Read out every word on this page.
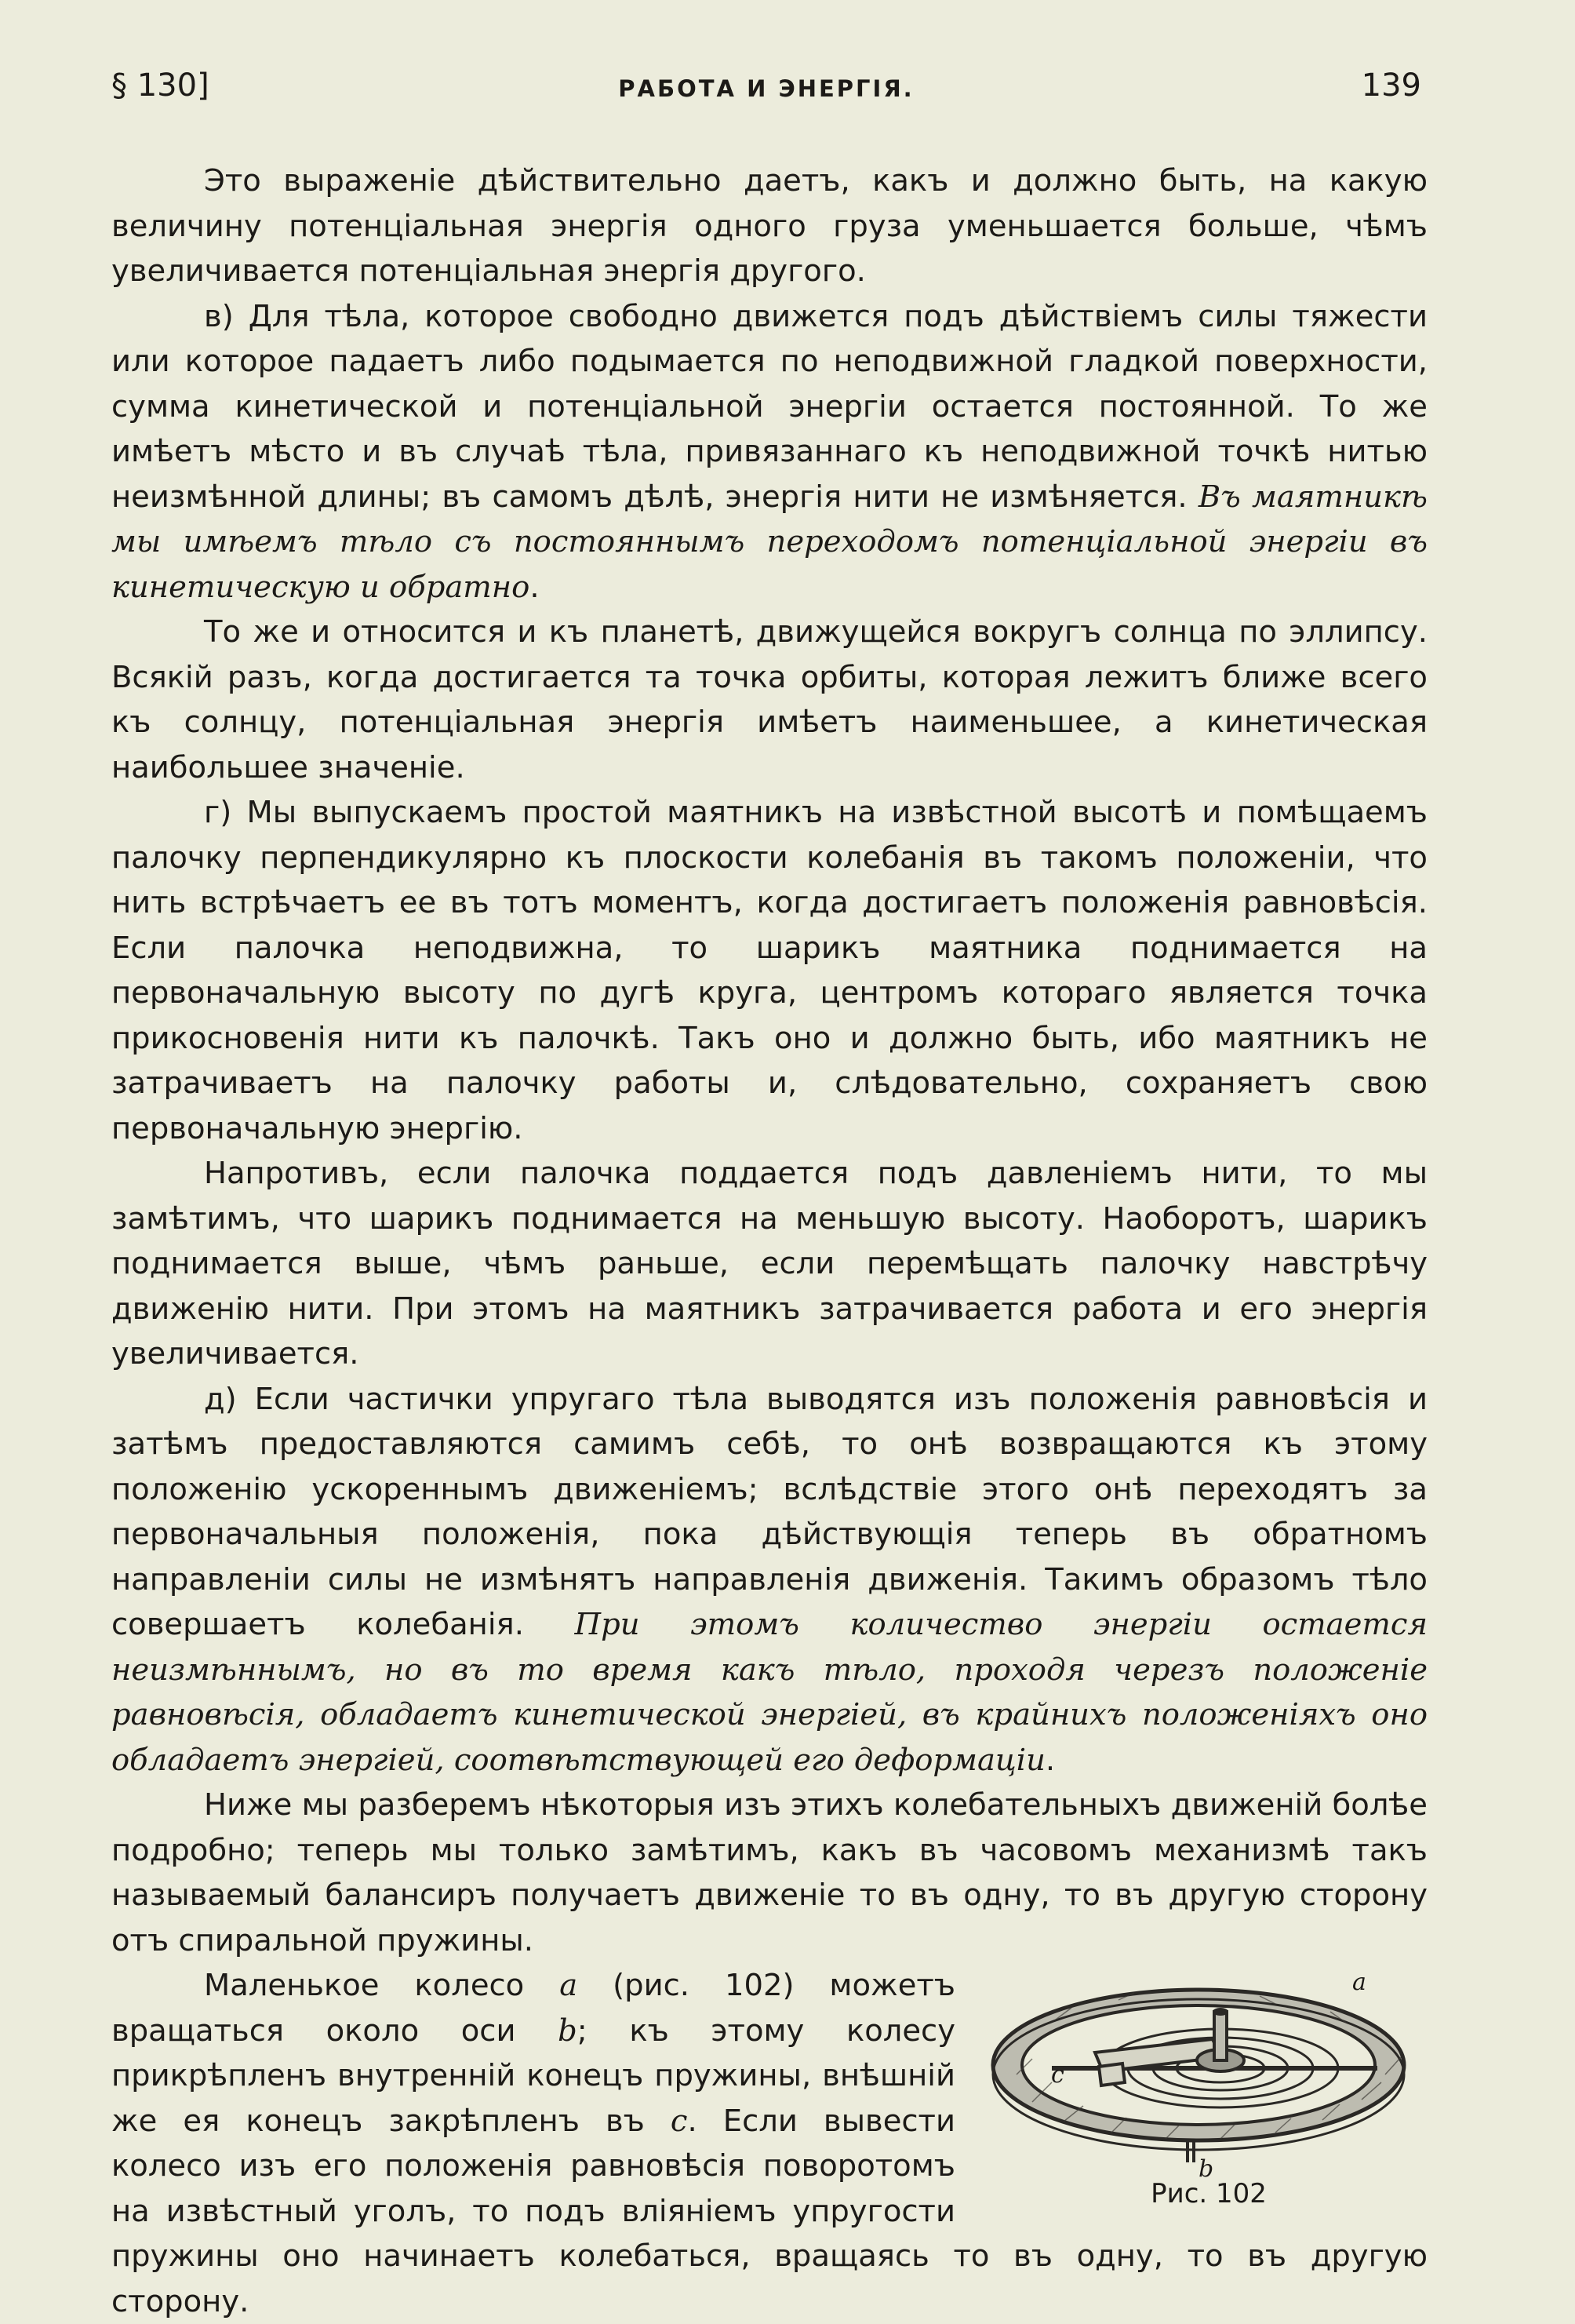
§ 130]	РАБОТА И ЭНЕРГІЯ.	139

Это выраженіе дѣйствительно даетъ, какъ и должно быть, на какую величину потенціальная энергія одного груза уменьшается больше, чѣмъ увеличивается потенціальная энергія другого.

в) Для тѣла, которое свободно движется подъ дѣйствіемъ силы тяжести или которое падаетъ либо подымается по неподвижной гладкой поверхности, сумма кинетической и потенціальной энергіи остается постоянной. То же имѣетъ мѣсто и въ случаѣ тѣла, привязаннаго къ неподвижной точкѣ нитью неизмѣнной длины; въ самомъ дѣлѣ, энергія нити не измѣняется. Въ маятникѣ мы имѣемъ тѣло съ постояннымъ переходомъ потенціальной энергіи въ кинетическую и обратно.

То же и относится и къ планетѣ, движущейся вокругъ солнца по эллипсу. Всякій разъ, когда достигается та точка орбиты, которая лежитъ ближе всего къ солнцу, потенціальная энергія имѣетъ наименьшее, а кинетическая наибольшее значеніе.

г) Мы выпускаемъ простой маятникъ на извѣстной высотѣ и помѣщаемъ палочку перпендикулярно къ плоскости колебанія въ такомъ положеніи, что нить встрѣчаетъ ее въ тотъ моментъ, когда достигаетъ положенія равновѣсія. Если палочка неподвижна, то шарикъ маятника поднимается на первоначальную высоту по дугѣ круга, центромъ котораго является точка прикосновенія нити къ палочкѣ. Такъ оно и должно быть, ибо маятникъ не затрачиваетъ на палочку работы и, слѣдовательно, сохраняетъ свою первоначальную энергію.

Напротивъ, если палочка поддается подъ давленіемъ нити, то мы замѣтимъ, что шарикъ поднимается на меньшую высоту. Наоборотъ, шарикъ поднимается выше, чѣмъ раньше, если перемѣщать палочку навстрѣчу движенію нити. При этомъ на маятникъ затрачивается работа и его энергія увеличивается.

д) Если частички упругаго тѣла выводятся изъ положенія равновѣсія и затѣмъ предоставляются самимъ себѣ, то онѣ возвращаются къ этому положенію ускореннымъ движеніемъ; вслѣдствіе этого онѣ переходятъ за первоначальныя положенія, пока дѣйствующія теперь въ обратномъ направленіи силы не измѣнятъ направленія движенія. Такимъ образомъ тѣло совершаетъ колебанія. При этомъ количество энергіи остается неизмѣннымъ, но въ то время какъ тѣло, проходя черезъ положеніе равновѣсія, обладаетъ кинетической энергіей, въ крайнихъ положеніяхъ оно обладаетъ энергіей, соотвѣтствующей его деформаціи.

Ниже мы разберемъ нѣкоторыя изъ этихъ колебательныхъ движеній болѣе подробно; теперь мы только замѣтимъ, какъ въ часовомъ механизмѣ такъ называемый балансиръ получаетъ движеніе то въ одну, то въ другую сторону отъ спиральной пружины.

a
c
b
Рис. 102

Маленькое колесо a (рис. 102) можетъ вращаться около оси b; къ этому колесу прикрѣпленъ внутренній конецъ пружины, внѣшній же ея конецъ закрѣпленъ въ c. Если вывести колесо изъ его положенія равновѣсія поворотомъ на извѣстный уголъ, то подъ вліяніемъ упругости пружины оно начинаетъ колебаться, вращаясь то въ одну, то въ другую сторону.
